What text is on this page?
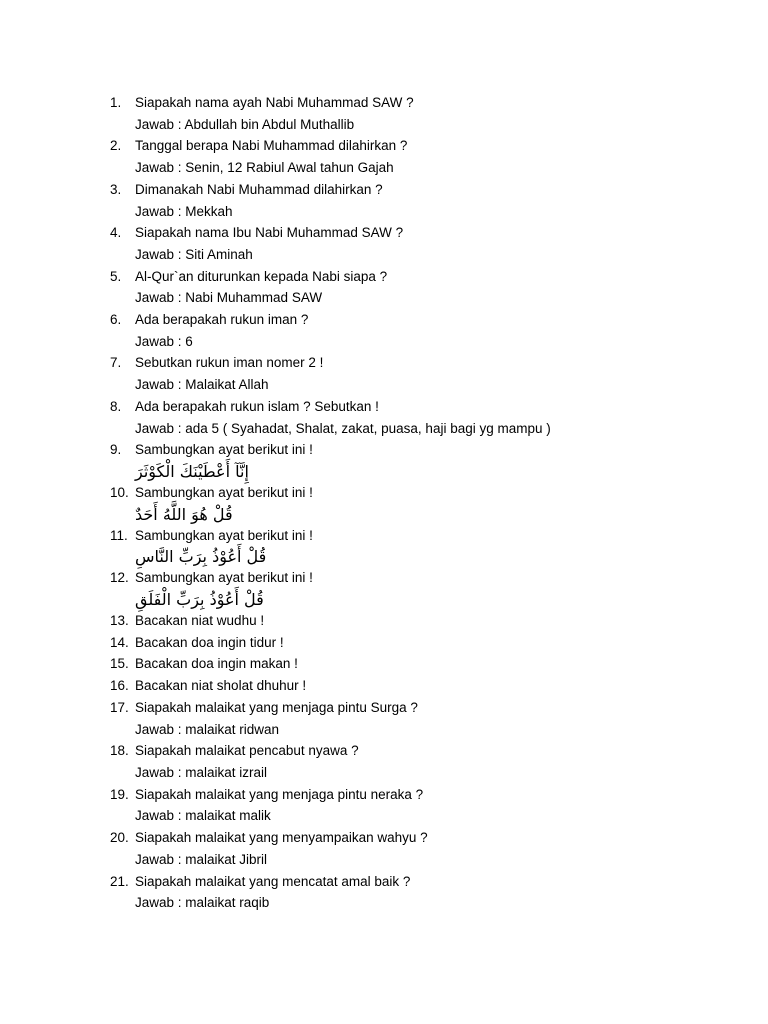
1.	Siapakah nama ayah Nabi Muhammad SAW ?
Jawab : Abdullah bin Abdul Muthallib
2.	Tanggal berapa Nabi Muhammad dilahirkan ?
Jawab : Senin, 12 Rabiul Awal tahun Gajah
3.	Dimanakah Nabi Muhammad dilahirkan ?
Jawab : Mekkah
4.	Siapakah nama Ibu Nabi Muhammad SAW ?
Jawab : Siti Aminah
5.	Al-Qur`an diturunkan kepada Nabi siapa ?
Jawab : Nabi Muhammad SAW
6.	Ada berapakah rukun iman ?
Jawab : 6
7.	Sebutkan rukun iman nomer 2 !
Jawab : Malaikat Allah
8.	Ada berapakah rukun islam ? Sebutkan !
Jawab : ada 5 ( Syahadat, Shalat, zakat, puasa, haji bagi yg mampu )
9.	Sambungkan ayat berikut ini !
إِنَّآ أَعْطَيْنَكَ الْكَوْثَرَ
10. Sambungkan ayat berikut ini !
قُلْ هُوَ اللَّهُ أَحَدٌ
11. Sambungkan ayat berikut ini !
قُلْ أَعُوْذُ بِرَبِّ النَّاسِ
12. Sambungkan ayat berikut ini !
قُلْ أَعُوْذُ بِرَبِّ الْفَلَقِ
13. Bacakan niat wudhu !
14. Bacakan doa ingin tidur !
15. Bacakan doa ingin makan !
16. Bacakan niat sholat dhuhur !
17. Siapakah malaikat yang menjaga pintu Surga ?
Jawab : malaikat ridwan
18. Siapakah malaikat pencabut nyawa ?
Jawab : malaikat izrail
19. Siapakah malaikat yang menjaga pintu neraka ?
Jawab : malaikat malik
20. Siapakah malaikat yang menyampaikan wahyu ?
Jawab : malaikat Jibril
21. Siapakah malaikat yang mencatat amal baik ?
Jawab : malaikat raqib
